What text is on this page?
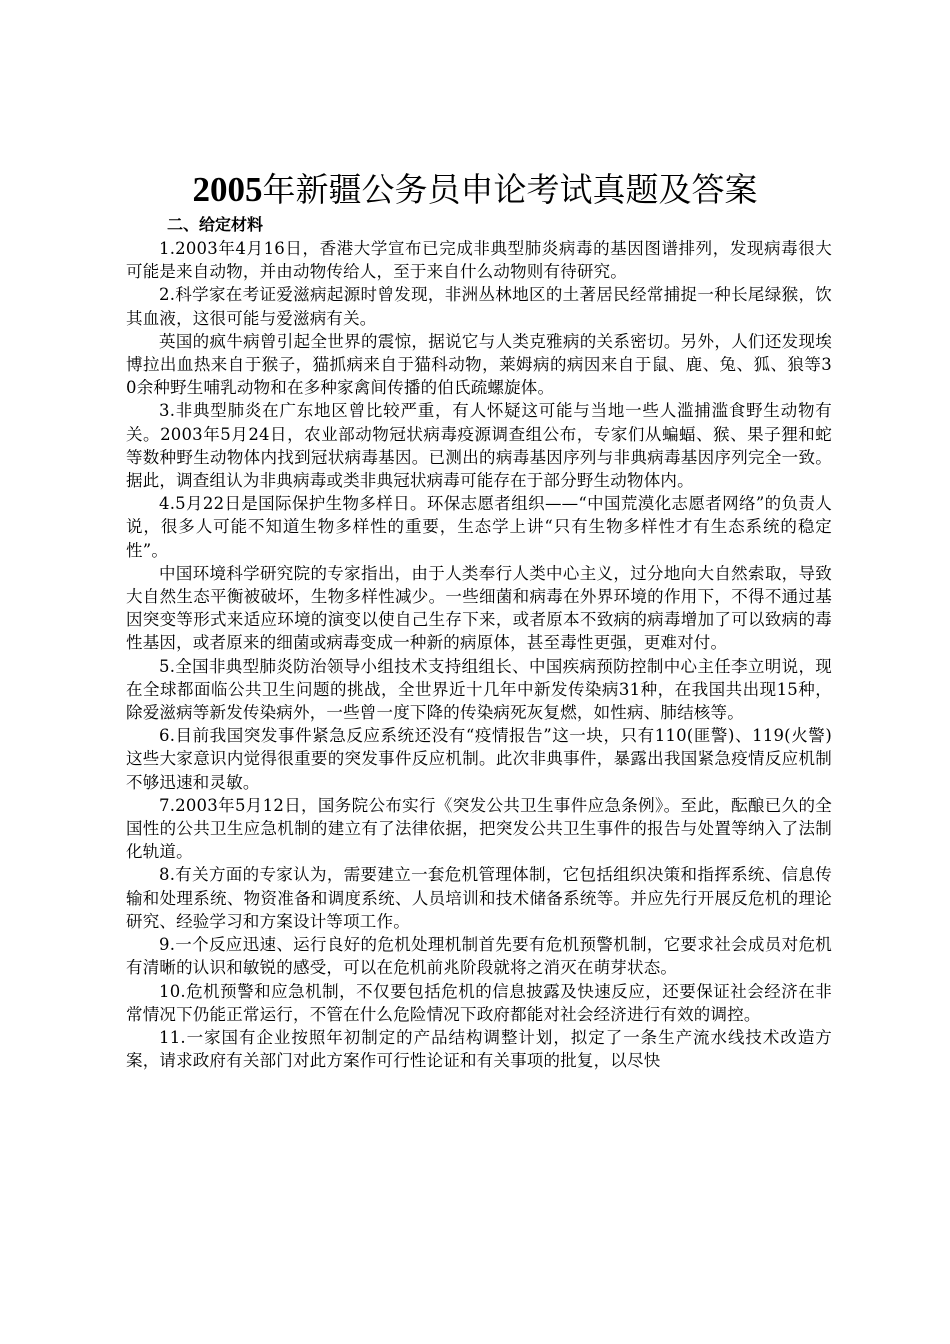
2005年新疆公务员申论考试真题及答案
二、给定材料

1.2003年4月16日，香港大学宣布已完成非典型肺炎病毒的基因图谱排列，发现病毒很大可能是来自动物，并由动物传给人，至于来自什么动物则有待研究。

2.科学家在考证爱滋病起源时曾发现，非洲丛林地区的土著居民经常捕捉一种长尾绿猴，饮其血液，这很可能与爱滋病有关。

英国的疯牛病曾引起全世界的震惊，据说它与人类克雅病的关系密切。另外，人们还发现埃博拉出血热来自于猴子，猫抓病来自于猫科动物，莱姆病的病因来自于鼠、鹿、兔、狐、狼等30余种野生哺乳动物和在多种家禽间传播的伯氏疏螺旋体。

3.非典型肺炎在广东地区曾比较严重，有人怀疑这可能与当地一些人滥捕滥食野生动物有关。2003年5月24日，农业部动物冠状病毒疫源调查组公布，专家们从蝙蝠、猴、果子狸和蛇等数种野生动物体内找到冠状病毒基因。已测出的病毒基因序列与非典病毒基因序列完全一致。据此，调查组认为非典病毒或类非典冠状病毒可能存在于部分野生动物体内。

4.5月22日是国际保护生物多样日。环保志愿者组织——“中国荒漠化志愿者网络”的负责人说，很多人可能不知道生物多样性的重要，生态学上讲“只有生物多样性才有生态系统的稳定性”。

中国环境科学研究院的专家指出，由于人类奉行人类中心主义，过分地向大自然索取，导致大自然生态平衡被破坏，生物多样性减少。一些细菌和病毒在外界环境的作用下，不得不通过基因突变等形式来适应环境的演变以使自己生存下来，或者原本不致病的病毒增加了可以致病的毒性基因，或者原来的细菌或病毒变成一种新的病原体，甚至毒性更强，更难对付。

5.全国非典型肺炎防治领导小组技术支持组组长、中国疾病预防控制中心主任李立明说，现在全球都面临公共卫生问题的挑战，全世界近十几年中新发传染病31种，在我国共出现15种，除爱滋病等新发传染病外，一些曾一度下降的传染病死灰复燃，如性病、肺结核等。

6.目前我国突发事件紧急反应系统还没有“疫情报告”这一块，只有110(匪警)、119(火警)这些大家意识内觉得很重要的突发事件反应机制。此次非典事件，暴露出我国紧急疫情反应机制不够迅速和灵敏。

7.2003年5月12日，国务院公布实行《突发公共卫生事件应急条例》。至此，酝酿已久的全国性的公共卫生应急机制的建立有了法律依据，把突发公共卫生事件的报告与处置等纳入了法制化轨道。

8.有关方面的专家认为，需要建立一套危机管理体制，它包括组织决策和指挥系统、信息传输和处理系统、物资准备和调度系统、人员培训和技术储备系统等。并应先行开展反危机的理论研究、经验学习和方案设计等项工作。

9.一个反应迅速、运行良好的危机处理机制首先要有危机预警机制，它要求社会成员对危机有清晰的认识和敏锐的感受，可以在危机前兆阶段就将之消灭在萌芽状态。

10.危机预警和应急机制，不仅要包括危机的信息披露及快速反应，还要保证社会经济在非常情况下仍能正常运行，不管在什么危险情况下政府都能对社会经济进行有效的调控。

11.一家国有企业按照年初制定的产品结构调整计划，拟定了一条生产流水线技术改造方案，请求政府有关部门对此方案作可行性论证和有关事项的批复，以尽快
